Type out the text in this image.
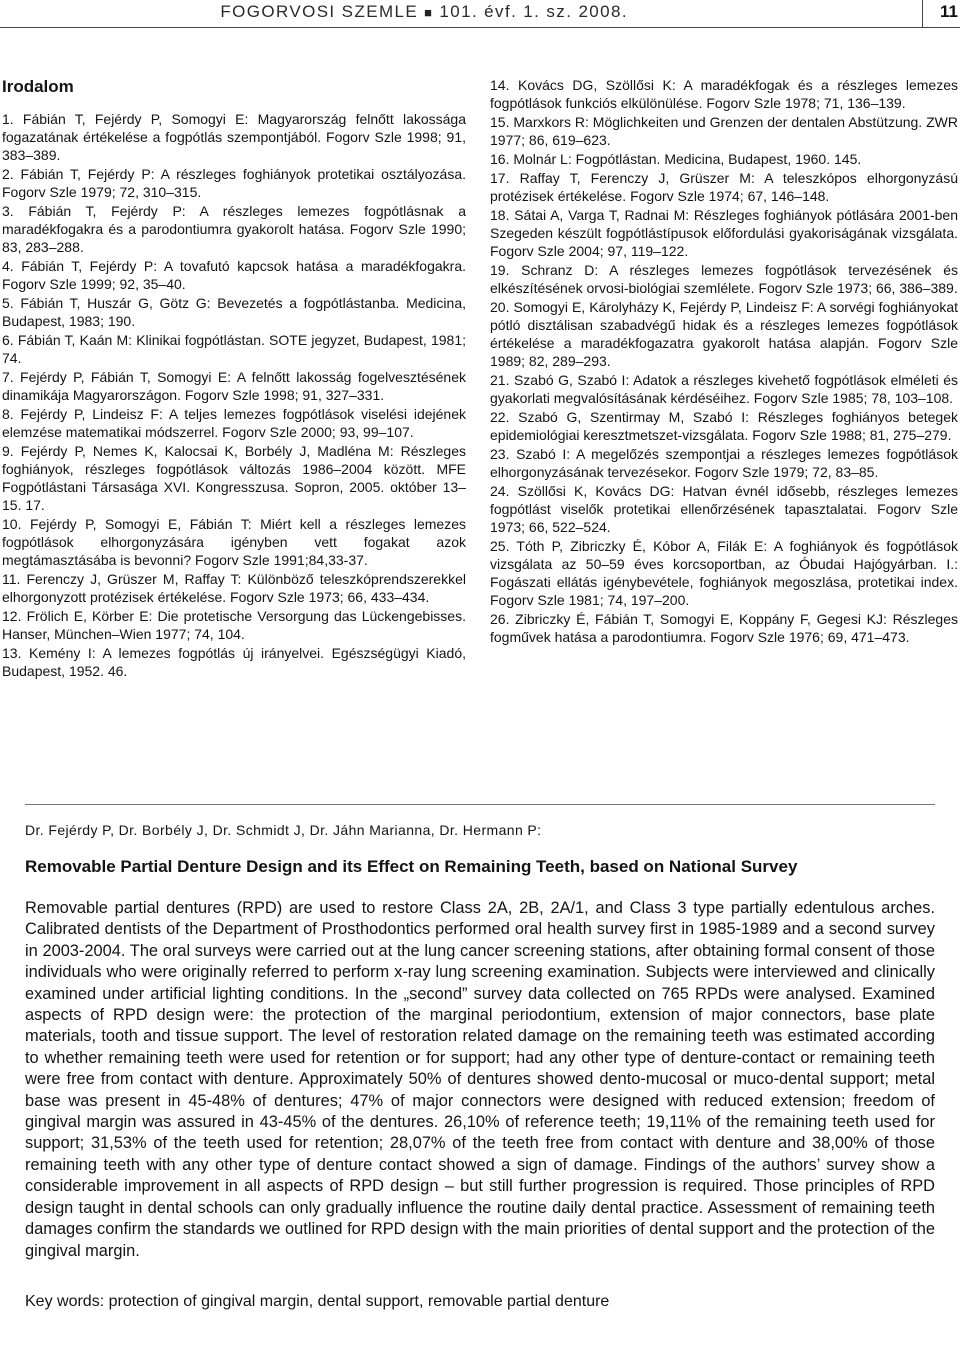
FOGORVOSI SZEMLE ■ 101. évf. 1. sz. 2008.	11
Irodalom

1. Fábián T, Fejérdy P, Somogyi E: Magyarország felnőtt lakossága fogazatának értékelése a fogpótlás szempontjából. Fogorv Szle 1998; 91, 383–389.

2. Fábián T, Fejérdy P: A részleges foghiányok protetikai osztályozása. Fogorv Szle 1979; 72, 310–315.

3. Fábián T, Fejérdy P: A részleges lemezes fogpótlásnak a maradékfogakra és a parodontiumra gyakorolt hatása. Fogorv Szle 1990; 83, 283–288.

4. Fábián T, Fejérdy P: A tovafutó kapcsok hatása a maradékfogakra. Fogorv Szle 1999; 92, 35–40.

5. Fábián T, Huszár G, Götz G: Bevezetés a fogpótlástanba. Medicina, Budapest, 1983; 190.

6. Fábián T, Kaán M: Klinikai fogpótlástan. SOTE jegyzet, Budapest, 1981; 74.

7. Fejérdy P, Fábián T, Somogyi E: A felnőtt lakosság fogelvesztésének dinamikája Magyarországon. Fogorv Szle 1998; 91, 327–331.

8. Fejérdy P, Lindeisz F: A teljes lemezes fogpótlások viselési idejének elemzése matematikai módszerrel. Fogorv Szle 2000; 93, 99–107.

9. Fejérdy P, Nemes K, Kalocsai K, Borbély J, Madléna M: Részleges foghiányok, részleges fogpótlások változás 1986–2004 között. MFE Fogpótlástani Társasága XVI. Kongresszusa. Sopron, 2005. október 13–15. 17.

10. Fejérdy P, Somogyi E, Fábián T: Miért kell a részleges lemezes fogpótlások elhorgonyzására igényben vett fogakat azok megtámasztásába is bevonni? Fogorv Szle 1991;84,33-37.

11. Ferenczy J, Grüszer M, Raffay T: Különböző teleszkóprendszerekkel elhorgonyzott protézisek értékelése. Fogorv Szle 1973; 66, 433–434.

12. Frölich E, Körber E: Die protetische Versorgung das Lückengebisses. Hanser, München–Wien 1977; 74, 104.

13. Kemény I: A lemezes fogpótlás új irányelvei. Egészségügyi Kiadó, Budapest, 1952. 46.

14. Kovács DG, Szöllősi K: A maradékfogak és a részleges lemezes fogpótlások funkciós elkülönülése. Fogorv Szle 1978; 71, 136–139.

15. Marxkors R: Möglichkeiten und Grenzen der dentalen Abstützung. ZWR 1977; 86, 619–623.

16. Molnár L: Fogpótlástan. Medicina, Budapest, 1960. 145.

17. Raffay T, Ferenczy J, Grüszer M: A teleszkópos elhorgonyzású protézisek értékelése. Fogorv Szle 1974; 67, 146–148.

18. Sátai A, Varga T, Radnai M: Részleges foghiányok pótlására 2001-ben Szegeden készült fogpótlástípusok előfordulási gyakoriságának vizsgálata. Fogorv Szle 2004; 97, 119–122.

19. Schranz D: A részleges lemezes fogpótlások tervezésének és elkészítésének orvosi-biológiai szemlélete. Fogorv Szle 1973; 66, 386–389.

20. Somogyi E, Károlyházy K, Fejérdy P, Lindeisz F: A sorvégi foghiányokat pótló disztálisan szabadvégű hidak és a részleges lemezes fogpótlások értékelése a maradékfogazatra gyakorolt hatása alapján. Fogorv Szle 1989; 82, 289–293.

21. Szabó G, Szabó I: Adatok a részleges kivehető fogpótlások elméleti és gyakorlati megvalósításának kérdéséihez. Fogorv Szle 1985; 78, 103–108.

22. Szabó G, Szentirmay M, Szabó I: Részleges foghiányos betegek epidemiológiai keresztmetszet-vizsgálata. Fogorv Szle 1988; 81, 275–279.

23. Szabó I: A megelőzés szempontjai a részleges lemezes fogpótlások elhorgonyzásának tervezésekor. Fogorv Szle 1979; 72, 83–85.

24. Szöllősi K, Kovács DG: Hatvan évnél idősebb, részleges lemezes fogpótlást viselők protetikai ellenőrzésének tapasztalatai. Fogorv Szle 1973; 66, 522–524.

25. Tóth P, Zibriczky É, Kóbor A, Filák E: A foghiányok és fogpótlások vizsgálata az 50–59 éves korcsoportban, az Óbudai Hajógyárban. I.: Fogászati ellátás igénybevétele, foghiányok megoszlása, protetikai index. Fogorv Szle 1981; 74, 197–200.

26. Zibriczky É, Fábián T, Somogyi E, Koppány F, Gegesi KJ: Részleges fogművek hatása a parodontiumra. Fogorv Szle 1976; 69, 471–473.

Dr. Fejérdy P, Dr. Borbély J, Dr. Schmidt J, Dr. Jáhn Marianna, Dr. Hermann P:

Removable Partial Denture Design and its Effect on Remaining Teeth, based on National Survey

Removable partial dentures (RPD) are used to restore Class 2A, 2B, 2A/1, and Class 3 type partially edentulous arches. Calibrated dentists of the Department of Prosthodontics performed oral health survey first in 1985-1989 and a second survey in 2003-2004. The oral surveys were carried out at the lung cancer screening stations, after obtaining formal consent of those individuals who were originally referred to perform x-ray lung screening examination. Subjects were interviewed and clinically examined under artificial lighting conditions. In the „second” survey data collected on 765 RPDs were analysed. Examined aspects of RPD design were: the protection of the marginal periodontium, extension of major connectors, base plate materials, tooth and tissue support. The level of restoration related damage on the remaining teeth was estimated according to whether remaining teeth were used for retention or for support; had any other type of denture-contact or remaining teeth were free from contact with denture. Approximately 50% of dentures showed dento-mucosal or muco-dental support; metal base was present in 45-48% of dentures; 47% of major connectors were designed with reduced extension; freedom of gingival margin was assured in 43-45% of the dentures. 26,10% of reference teeth; 19,11% of the remaining teeth used for support; 31,53% of the teeth used for retention; 28,07% of the teeth free from contact with denture and 38,00% of those remaining teeth with any other type of denture contact showed a sign of damage. Findings of the authors’ survey show a considerable improvement in all aspects of RPD design – but still further progression is required. Those principles of RPD design taught in dental schools can only gradually influence the routine daily dental practice. Assessment of remaining teeth damages confirm the standards we outlined for RPD design with the main priorities of dental support and the protection of the gingival margin.

Key words: protection of gingival margin, dental support, removable partial denture
